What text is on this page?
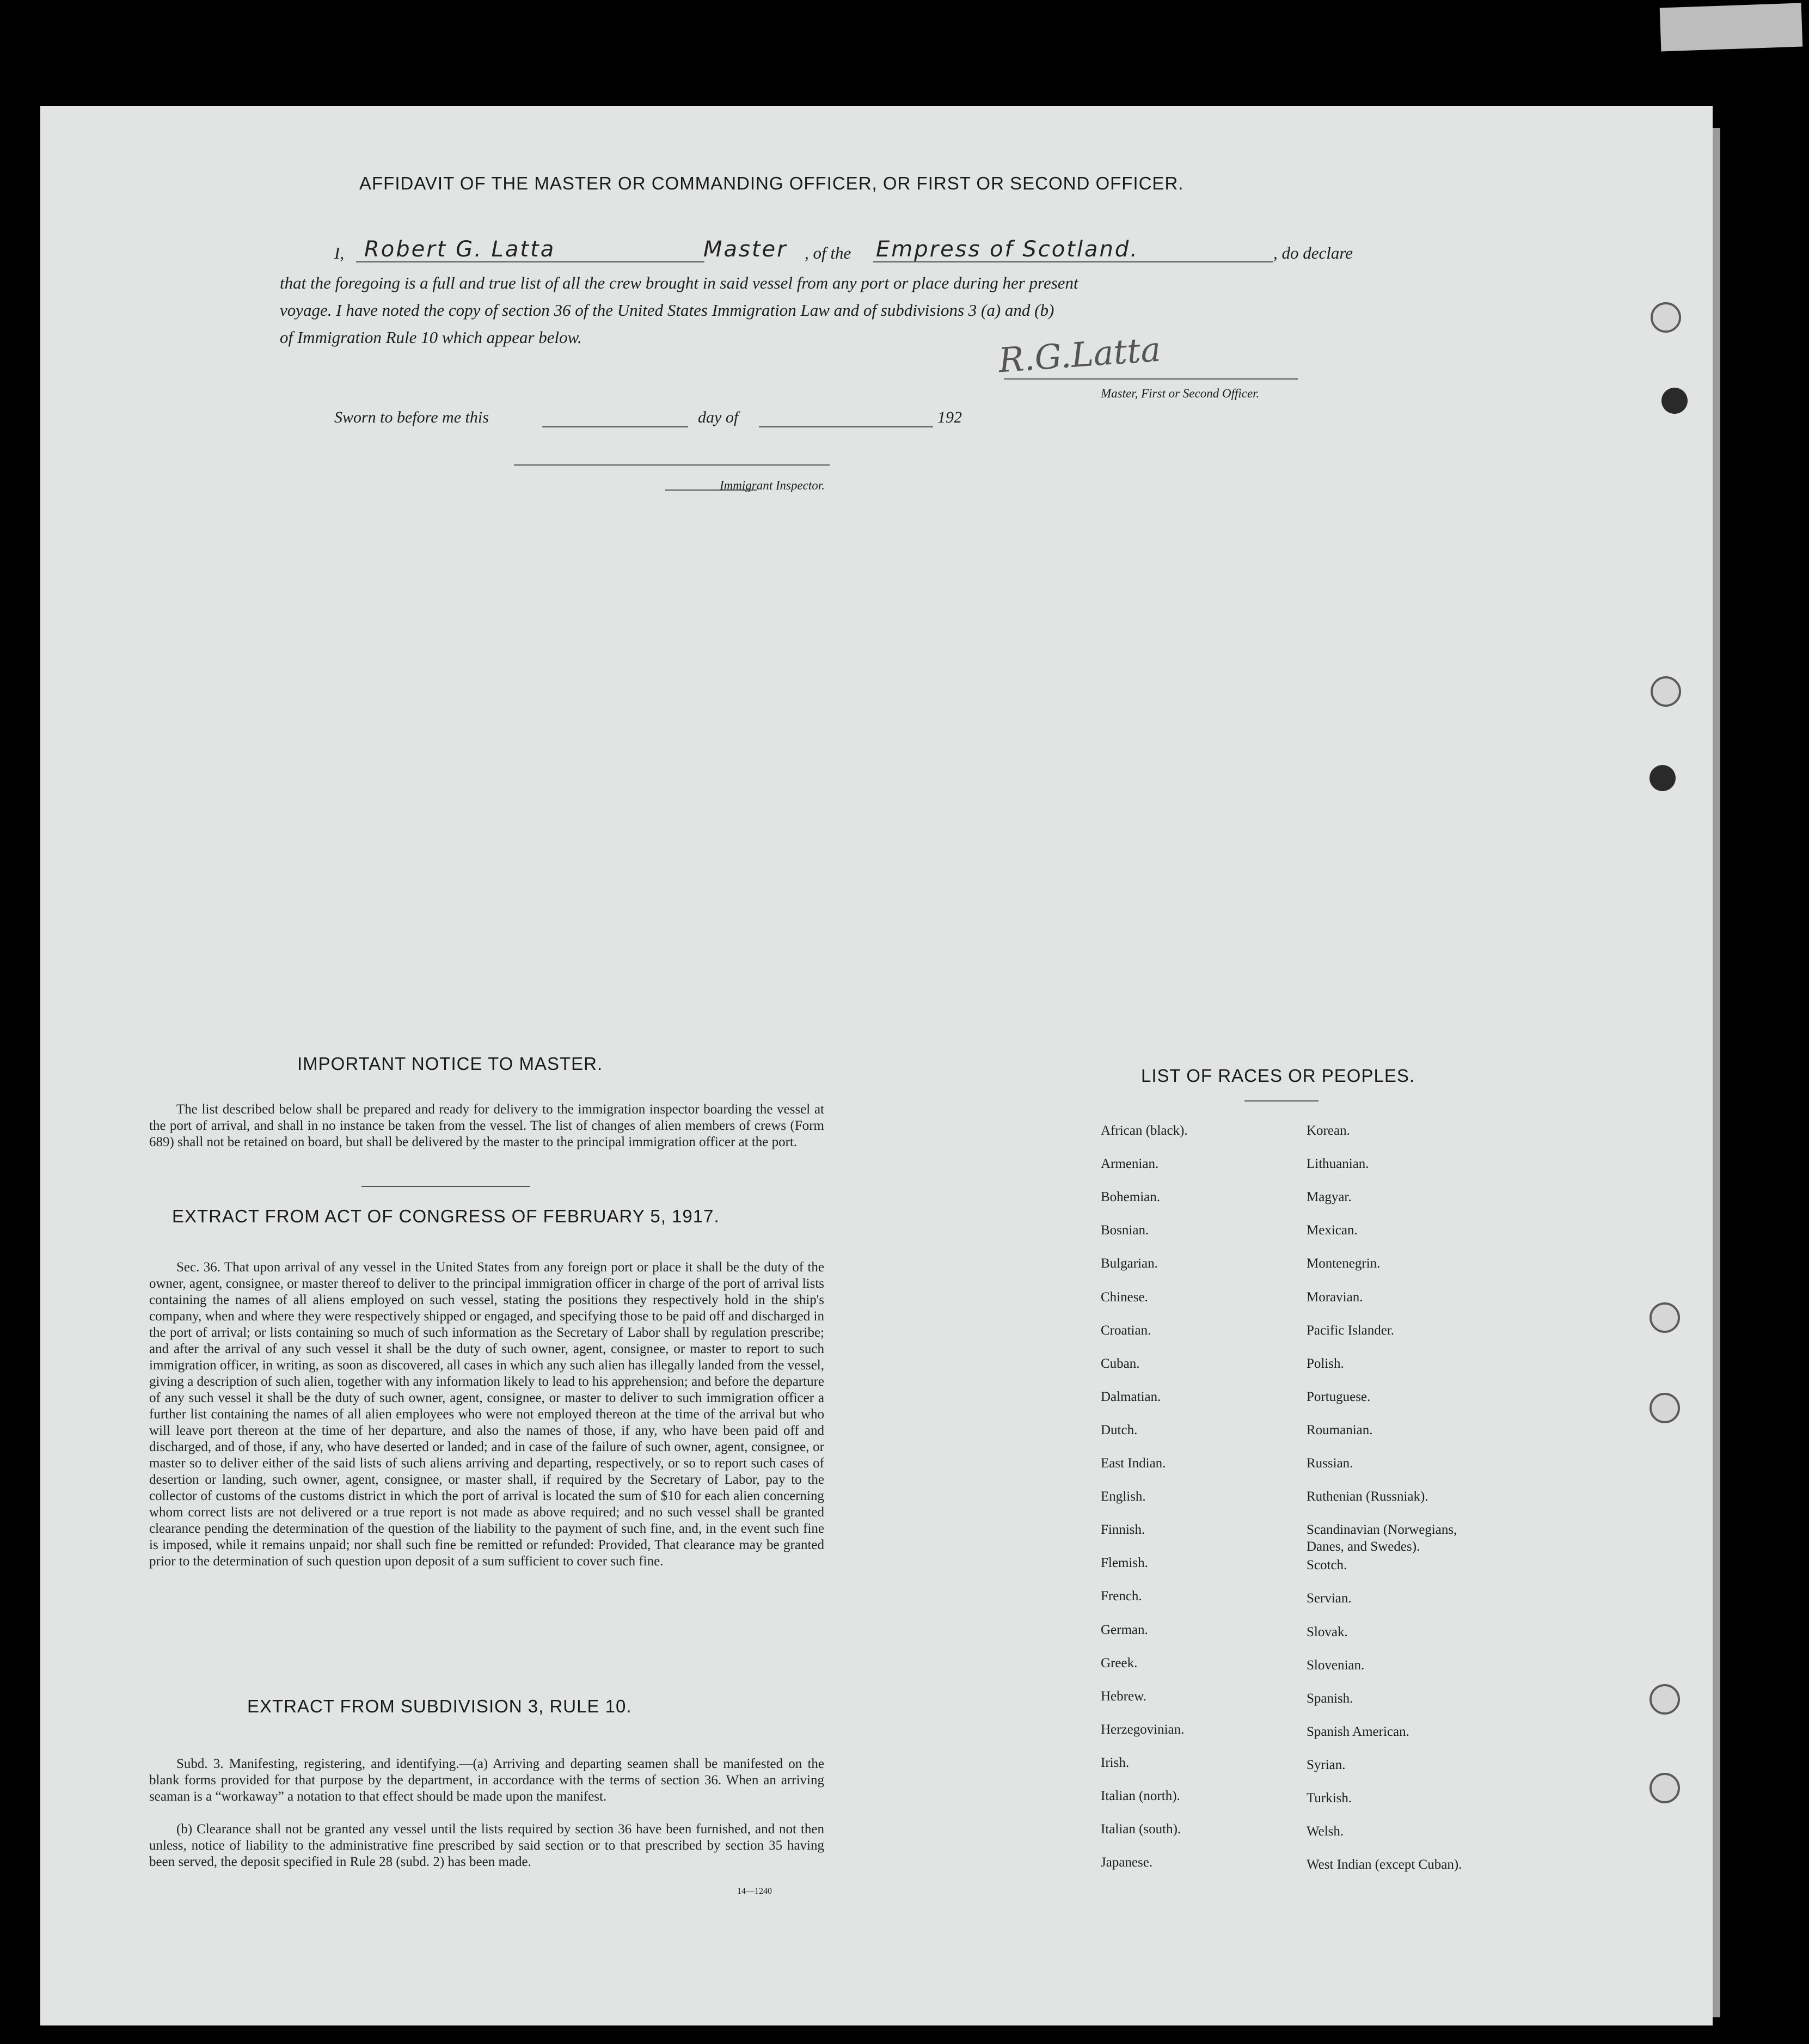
AFFIDAVIT OF THE MASTER OR COMMANDING OFFICER, OR FIRST OR SECOND OFFICER.
I, Robert G. Latta	Master , of the Empress of Scotland.	, do declare
that the foregoing is a full and true list of all the crew brought in said vessel from any port or place during her present
voyage. I have noted the copy of section 36 of the United States Immigration Law and of subdivisions 3 (a) and (b)
of Immigration Rule 10 which appear below.	R.G.Latta
Master, First or Second Officer.
Sworn to before me this	day of	192
Immigrant Inspector.
IMPORTANT NOTICE TO MASTER.
The list described below shall be prepared and ready for delivery to the immigration inspector boarding the vessel at the port of arrival, and shall in no instance be taken from the vessel. The list of changes of alien members of crews (Form 689) shall not be retained on board, but shall be delivered by the master to the principal immigration officer at the port.
EXTRACT FROM ACT OF CONGRESS OF FEBRUARY 5, 1917.
Sec. 36. That upon arrival of any vessel in the United States from any foreign port or place it shall be the duty of the owner, agent, consignee, or master thereof to deliver to the principal immigration officer in charge of the port of arrival lists containing the names of all aliens employed on such vessel, stating the positions they respectively hold in the ship's company, when and where they were respectively shipped or engaged, and specifying those to be paid off and discharged in the port of arrival; or lists containing so much of such information as the Secretary of Labor shall by regulation prescribe; and after the arrival of any such vessel it shall be the duty of such owner, agent, consignee, or master to report to such immigration officer, in writing, as soon as discovered, all cases in which any such alien has illegally landed from the vessel, giving a description of such alien, together with any information likely to lead to his apprehension; and before the departure of any such vessel it shall be the duty of such owner, agent, consignee, or master to deliver to such immigration officer a further list containing the names of all alien employees who were not employed thereon at the time of the arrival but who will leave port thereon at the time of her departure, and also the names of those, if any, who have been paid off and discharged, and of those, if any, who have deserted or landed; and in case of the failure of such owner, agent, consignee, or master so to deliver either of the said lists of such aliens arriving and departing, respectively, or so to report such cases of desertion or landing, such owner, agent, consignee, or master shall, if required by the Secretary of Labor, pay to the collector of customs of the customs district in which the port of arrival is located the sum of $10 for each alien concerning whom correct lists are not delivered or a true report is not made as above required; and no such vessel shall be granted clearance pending the determination of the question of the liability to the payment of such fine, and, in the event such fine is imposed, while it remains unpaid; nor shall such fine be remitted or refunded: Provided, That clearance may be granted prior to the determination of such question upon deposit of a sum sufficient to cover such fine.
EXTRACT FROM SUBDIVISION 3, RULE 10.
Subd. 3. Manifesting, registering, and identifying.—(a) Arriving and departing seamen shall be manifested on the blank forms provided for that purpose by the department, in accordance with the terms of section 36. When an arriving seaman is a “workaway” a notation to that effect should be made upon the manifest.
(b) Clearance shall not be granted any vessel until the lists required by section 36 have been furnished, and not then unless, notice of liability to the administrative fine prescribed by said section or to that prescribed by section 35 having been served, the deposit specified in Rule 28 (subd. 2) has been made.
14—1240
LIST OF RACES OR PEOPLES.
African (black).
Armenian.
Bohemian.
Bosnian.
Bulgarian.
Chinese.
Croatian.
Cuban.
Dalmatian.
Dutch.
East Indian.
English.
Finnish.
Flemish.
French.
German.
Greek.
Hebrew.
Herzegovinian.
Irish.
Italian (north).
Italian (south).
Japanese.
Korean.
Lithuanian.
Magyar.
Mexican.
Montenegrin.
Moravian.
Pacific Islander.
Polish.
Portuguese.
Roumanian.
Russian.
Ruthenian (Russniak).
Scandinavian (Norwegians,
Scotch.
Servian.
Slovak.
Slovenian.
Spanish.
Spanish American.
Syrian.
Turkish.
Welsh.
West Indian (except Cuban).
Danes, and Swedes).
